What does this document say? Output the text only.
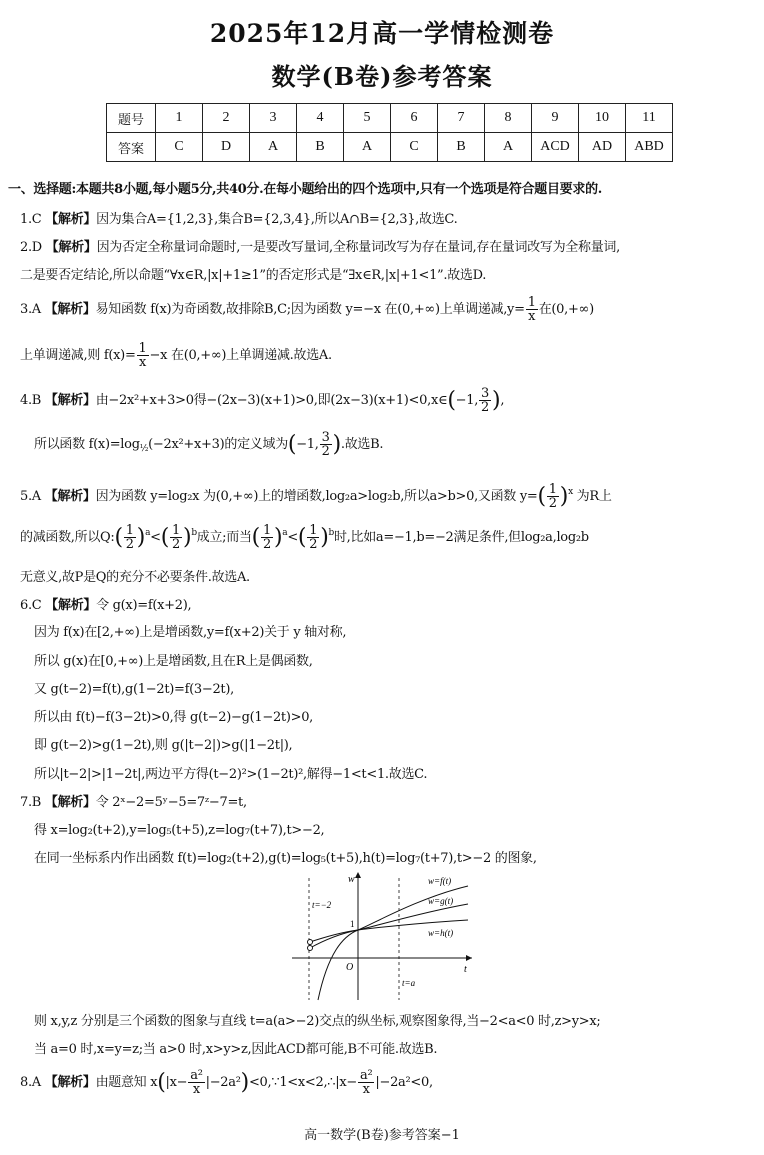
2025年12月高一学情检测卷
数学(B卷)参考答案
题号	1	2	3	4	5	6	7	8	9	10	11
答案	C	D	A	B	A	C	B	A	ACD	AD	ABD
一、选择题:本题共8小题,每小题5分,共40分.在每小题给出的四个选项中,只有一个选项是符合题目要求的.
1.C 【解析】因为集合A={1,2,3},集合B={2,3,4},所以A∩B={2,3},故选C.
2.D 【解析】因为否定全称量词命题时,一是要改写量词,全称量词改写为存在量词,存在量词改写为全称量词,
二是要否定结论,所以命题“∀x∈R,|x|+1≥1”的否定形式是“∃x∈R,|x|+1<1”.故选D.
3.A 【解析】易知函数 f(x)为奇函数,故排除B,C;因为函数 y=−x 在(0,+∞)上单调递减$,y= \frac{1}{x}$ 在(0,+∞)
上单调递减,则 $f(x)= \frac{1}{x} -x$ 在(0,+∞)上单调递减.故选A.
4.B 【解析】由−2x²+x+3>0得−(2x−3)(x+1)>0,即(2x−3)(x+1)<0,x∈(−1, $\frac{3}{2}$ ),
所以函数 $f(x)=\log_{\frac{1}{2}}(-2x^2+x+3)$的定义域为(−1, $\frac{3}{2}$ ).故选B.
5.A 【解析】因为函数 y=log₂x 为(0,+∞)上的增函数,log₂a>log₂b,所以a>b>0,又函数 $y=( \frac{1}{2} )^x$ 为R上
的减函数,所以Q:( $\frac{1}{2} )^a<( \frac{1}{2} )^b$成立;而当( $\frac{1}{2} )^a<( \frac{1}{2} )^b$时,比如a=−1,b=−2满足条件,但log₂a,log₂b
无意义,故P是Q的充分不必要条件.故选A.
6.C 【解析】令 g(x)=f(x+2),
因为 f(x)在[2,+∞)上是增函数,y=f(x+2)关于 y 轴对称,
所以 g(x)在[0,+∞)上是增函数,且在R上是偶函数,
又 g(t−2)=f(t),g(1−2t)=f(3−2t),
所以由 f(t)−f(3−2t)>0,得 g(t−2)−g(1−2t)>0,
即 g(t−2)>g(1−2t),则 g(|t−2|)>g(|1−2t|),
所以|t−2|>|1−2t|,两边平方得(t−2)²>(1−2t)²,解得−1<t<1.故选C.
7.B 【解析】令 2ˣ−2=5ʸ−5=7ᶻ−7=t,
得 x=log₂(t+2),y=log₅(t+5),z=log₇(t+7),t>−2,
在同一坐标系内作出函数 f(t)=log₂(t+2),g(t)=log₅(t+5),h(t)=log₇(t+7),t>−2 的图象,
w=f(t)
w=g(t)
w=h(t)
w
t
O
1
t=−2
t=a
则 x,y,z 分别是三个函数的图象与直线 t=a(a>−2)交点的纵坐标,观察图象得,当−2<a<0 时,z>y>x;
当 a=0 时,x=y=z;当 a>0 时,x>y>z,因此ACD都可能,B不可能.故选B.
8.A 【解析】由题意知 $x(|x- \frac{\text{a²}}{x}$ |−2a²)<0,∵1<x<2,∴|x− $\frac{\text{a²}}{x} |-2a^2<0$,
高一数学(B卷)参考答案−1
